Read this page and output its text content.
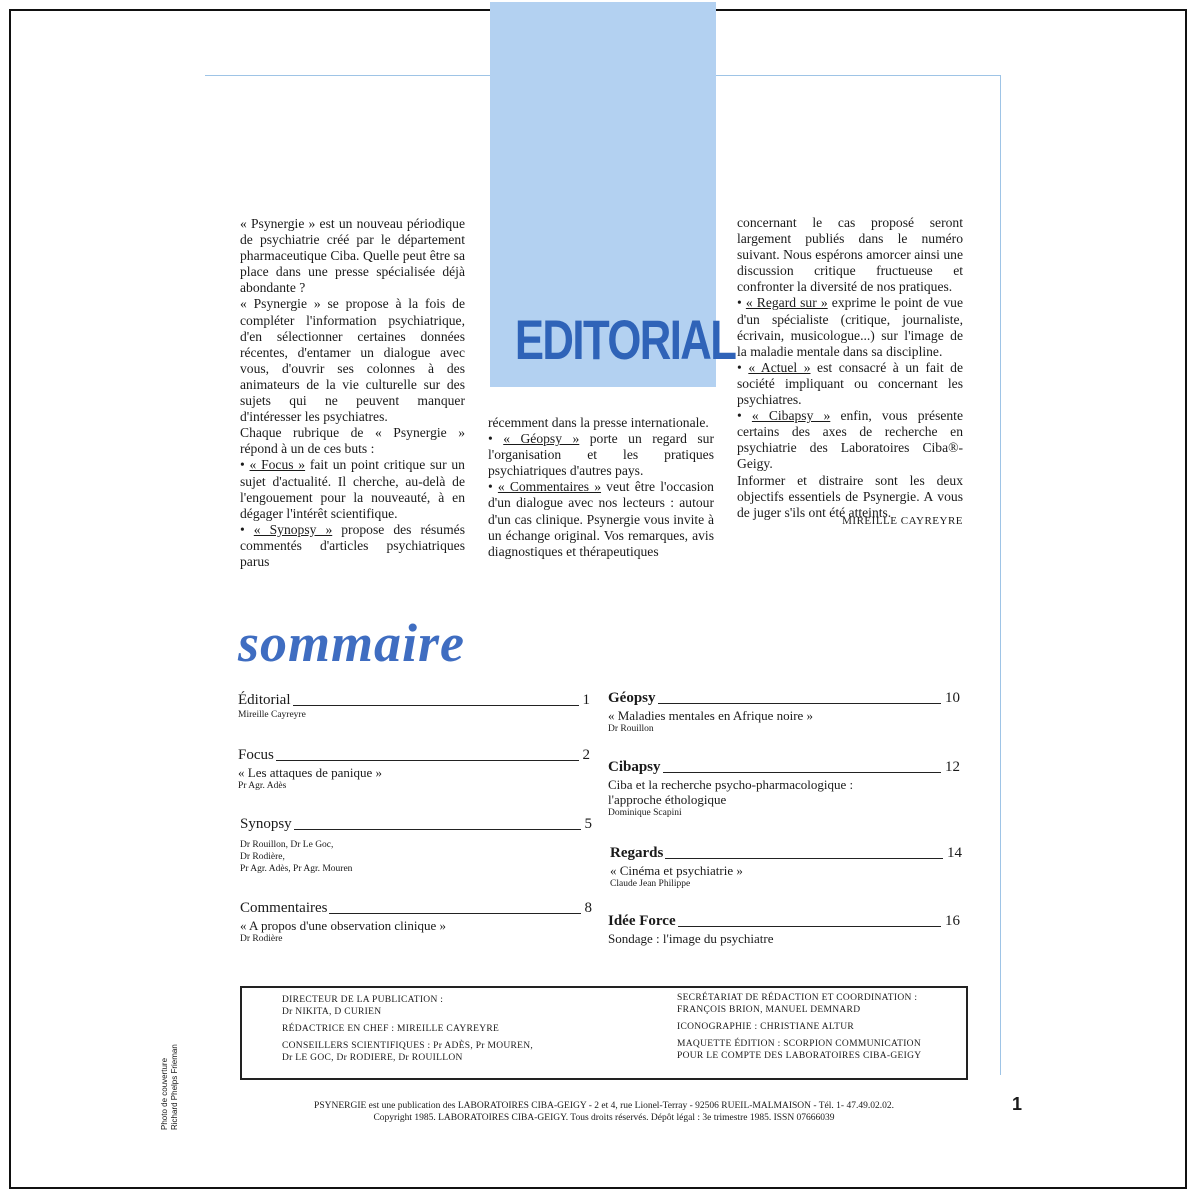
EDITORIAL

« Psynergie » est un nouveau périodique de psychiatrie créé par le département pharmaceutique Ciba. Quelle peut être sa place dans une presse spécialisée déjà abondante ?

« Psynergie » se propose à la fois de compléter l'information psychiatrique, d'en sélectionner certaines données récentes, d'entamer un dialogue avec vous, d'ouvrir ses colonnes à des animateurs de la vie culturelle sur des sujets qui ne peuvent manquer d'intéresser les psychiatres.

Chaque rubrique de « Psynergie » répond à un de ces buts :

• « Focus » fait un point critique sur un sujet d'actualité. Il cherche, au-delà de l'engouement pour la nouveauté, à en dégager l'intérêt scientifique.

• « Synopsy » propose des résumés commentés d'articles psychiatriques parus

récemment dans la presse internationale.

• « Géopsy » porte un regard sur l'organisation et les pratiques psychiatriques d'autres pays.

• « Commentaires » veut être l'occasion d'un dialogue avec nos lecteurs : autour d'un cas clinique. Psynergie vous invite à un échange original. Vos remarques, avis diagnostiques et thérapeutiques

concernant le cas proposé seront largement publiés dans le numéro suivant. Nous espérons amorcer ainsi une discussion critique fructueuse et confronter la diversité de nos pratiques.

• « Regard sur » exprime le point de vue d'un spécialiste (critique, journaliste, écrivain, musicologue...) sur l'image de la maladie mentale dans sa discipline.

• « Actuel » est consacré à un fait de société impliquant ou concernant les psychiatres.

• « Cibapsy » enfin, vous présente certains des axes de recherche en psychiatrie des Laboratoires Ciba®-Geigy.

Informer et distraire sont les deux objectifs essentiels de Psynergie. A vous de juger s'ils ont été atteints.

MIREILLE CAYREYRE
sommaire
Éditorial	1
Mireille Cayreyre
Focus	2
« Les attaques de panique »
Pr Agr. Adès
Synopsy	5
Dr Rouillon, Dr Le Goc,
Dr Rodière,
Pr Agr. Adès, Pr Agr. Mouren
Commentaires	8
« A propos d'une observation clinique »
Dr Rodière
Géopsy	10
« Maladies mentales en Afrique noire »
Dr Rouillon
Cibapsy	12
Ciba et la recherche psycho-pharmacologique : l'approche éthologique
Dominique Scapini
Regards	14
« Cinéma et psychiatrie »
Claude Jean Philippe
Idée Force	16
Sondage : l'image du psychiatre
DIRECTEUR DE LA PUBLICATION :
Dr NIKITA, D CURIEN
RÉDACTRICE EN CHEF : MIREILLE CAYREYRE
CONSEILLERS SCIENTIFIQUES : Pr ADÈS, Pr MOUREN,
Dr LE GOC, Dr RODIERE, Dr ROUILLON
SECRÉTARIAT DE RÉDACTION ET COORDINATION :
FRANÇOIS BRION, MANUEL DEMNARD
ICONOGRAPHIE : CHRISTIANE ALTUR
MAQUETTE ÉDITION : SCORPION COMMUNICATION
POUR LE COMPTE DES LABORATOIRES CIBA-GEIGY
PSYNERGIE est une publication des LABORATOIRES CIBA-GEIGY - 2 et 4, rue Lionel-Terray - 92506 RUEIL-MALMAISON - Tél. 1- 47.49.02.02.
Copyright 1985. LABORATOIRES CIBA-GEIGY. Tous droits réservés. Dépôt légal : 3e trimestre 1985. ISSN 07666039
1
Photo de couverture Richard Phelps Frieman
